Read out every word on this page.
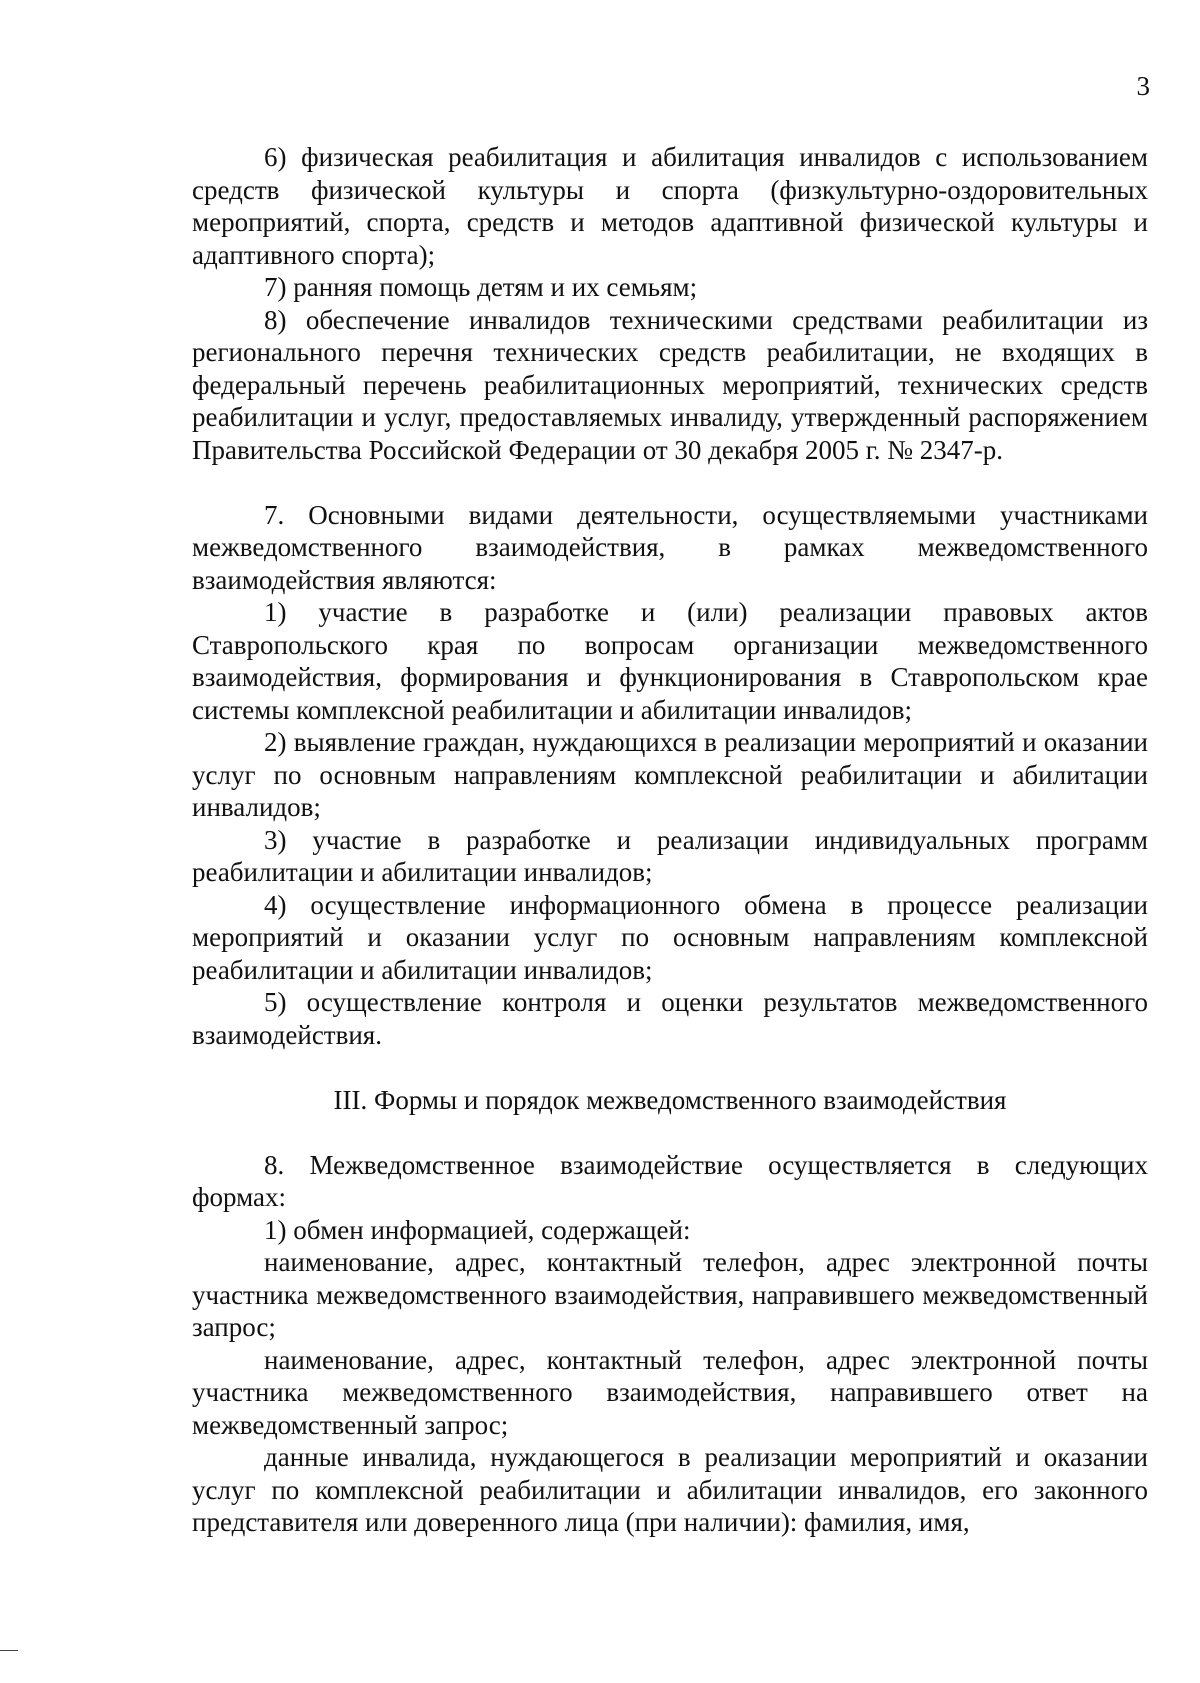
3

6) физическая реабилитация и абилитация инвалидов с использованием средств физической культуры и спорта (физкультурно-оздоровительных мероприятий, спорта, средств и методов адаптивной физической культуры и адаптивного спорта);

7) ранняя помощь детям и их семьям;

8) обеспечение инвалидов техническими средствами реабилитации из регионального перечня технических средств реабилитации, не входящих в федеральный перечень реабилитационных мероприятий, технических средств реабилитации и услуг, предоставляемых инвалиду, утвержденный распоряжением Правительства Российской Федерации от 30 декабря 2005 г. № 2347-р.

7. Основными видами деятельности, осуществляемыми участниками межведомственного взаимодействия, в рамках межведомственного взаимодействия являются:

1) участие в разработке и (или) реализации правовых актов Ставропольского края по вопросам организации межведомственного взаимодействия, формирования и функционирования в Ставропольском крае системы комплексной реабилитации и абилитации инвалидов;

2) выявление граждан, нуждающихся в реализации мероприятий и оказании услуг по основным направлениям комплексной реабилитации и абилитации инвалидов;

3) участие в разработке и реализации индивидуальных программ реабилитации и абилитации инвалидов;

4) осуществление информационного обмена в процессе реализации мероприятий и оказании услуг по основным направлениям комплексной реабилитации и абилитации инвалидов;

5) осуществление контроля и оценки результатов межведомственного взаимодействия.

III. Формы и порядок межведомственного взаимодействия

8. Межведомственное взаимодействие осуществляется в следующих формах:

1) обмен информацией, содержащей:

наименование, адрес, контактный телефон, адрес электронной почты участника межведомственного взаимодействия, направившего межведомственный запрос;

наименование, адрес, контактный телефон, адрес электронной почты участника межведомственного взаимодействия, направившего ответ на межведомственный запрос;

данные инвалида, нуждающегося в реализации мероприятий и оказании услуг по комплексной реабилитации и абилитации инвалидов, его законного представителя или доверенного лица (при наличии): фамилия, имя,
